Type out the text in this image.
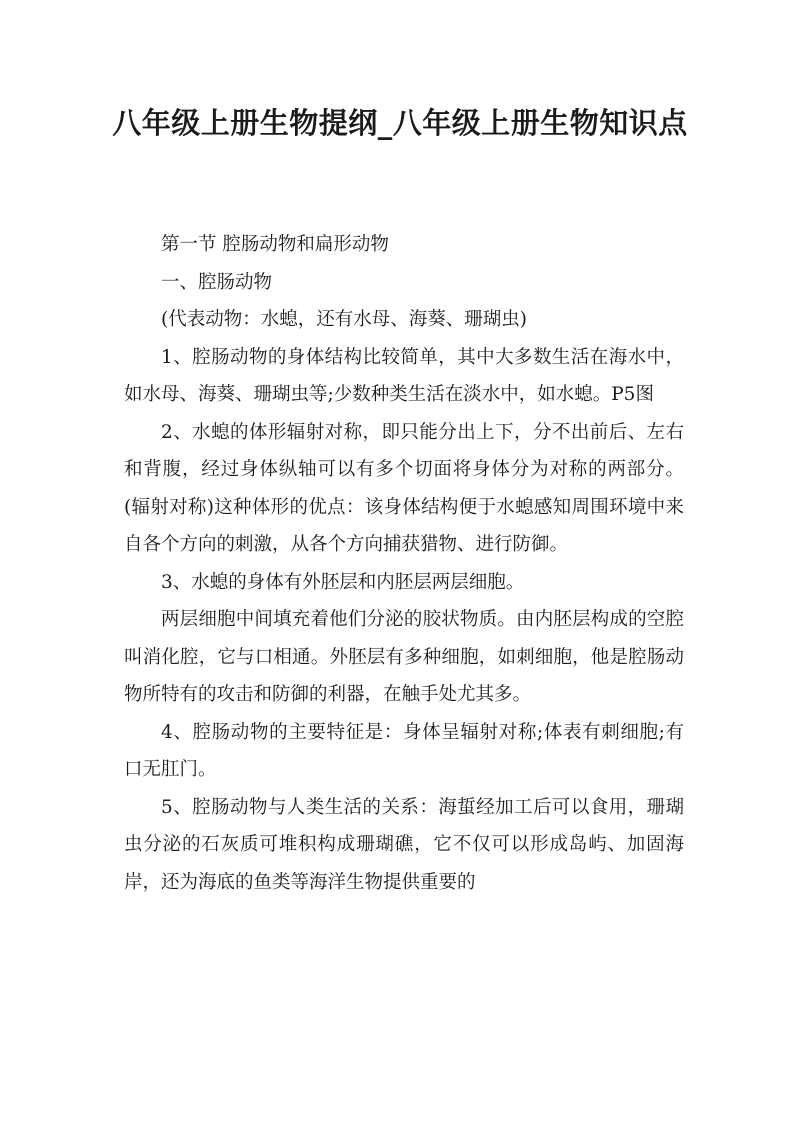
八年级上册生物提纲_八年级上册生物知识点

第一节 腔肠动物和扁形动物

一、腔肠动物

(代表动物：水螅，还有水母、海葵、珊瑚虫)

1、腔肠动物的身体结构比较简单，其中大多数生活在海水中，如水母、海葵、珊瑚虫等;少数种类生活在淡水中，如水螅。P5图

2、水螅的体形辐射对称，即只能分出上下，分不出前后、左右和背腹，经过身体纵轴可以有多个切面将身体分为对称的两部分。(辐射对称)这种体形的优点：该身体结构便于水螅感知周围环境中来自各个方向的刺激，从各个方向捕获猎物、进行防御。

3、水螅的身体有外胚层和内胚层两层细胞。

两层细胞中间填充着他们分泌的胶状物质。由内胚层构成的空腔叫消化腔，它与口相通。外胚层有多种细胞，如刺细胞，他是腔肠动物所特有的攻击和防御的利器，在触手处尤其多。

4、腔肠动物的主要特征是：身体呈辐射对称;体表有刺细胞;有口无肛门。

5、腔肠动物与人类生活的关系：海蜇经加工后可以食用，珊瑚虫分泌的石灰质可堆积构成珊瑚礁，它不仅可以形成岛屿、加固海岸，还为海底的鱼类等海洋生物提供重要的
